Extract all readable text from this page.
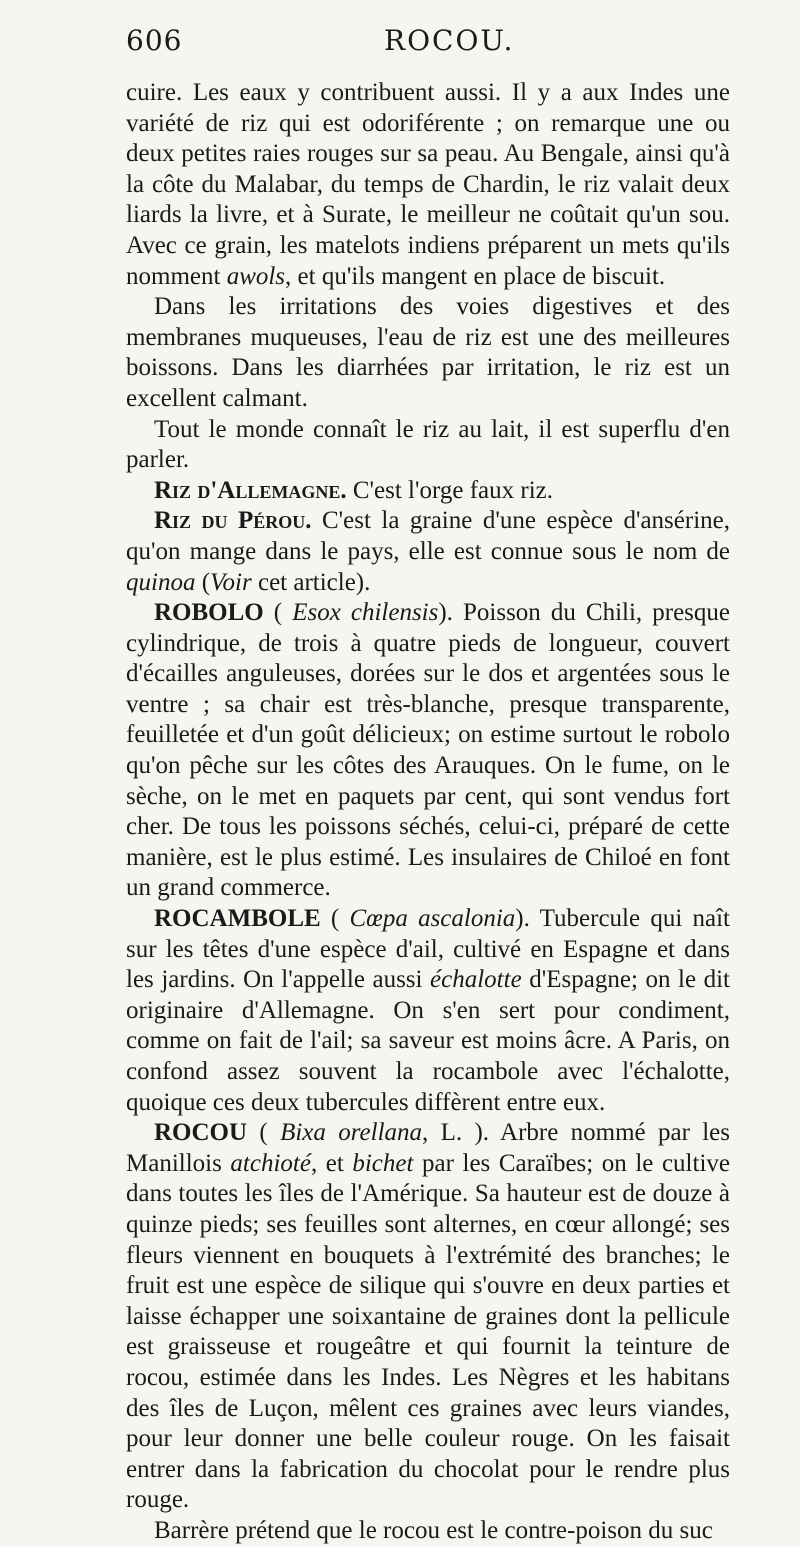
606	ROCOU.

cuire. Les eaux y contribuent aussi. Il y a aux Indes une variété de riz qui est odoriférente ; on remarque une ou deux petites raies rouges sur sa peau. Au Bengale, ainsi qu'à la côte du Malabar, du temps de Chardin, le riz valait deux liards la livre, et à Surate, le meilleur ne coûtait qu'un sou. Avec ce grain, les matelots indiens préparent un mets qu'ils nomment awols, et qu'ils mangent en place de biscuit.

Dans les irritations des voies digestives et des membranes muqueuses, l'eau de riz est une des meilleures boissons. Dans les diarrhées par irritation, le riz est un excellent calmant.

Tout le monde connaît le riz au lait, il est superflu d'en parler.

Riz d'Allemagne. C'est l'orge faux riz.

Riz du Pérou. C'est la graine d'une espèce d'ansérine, qu'on mange dans le pays, elle est connue sous le nom de quinoa (Voir cet article).

ROBOLO ( Esox chilensis). Poisson du Chili, presque cylindrique, de trois à quatre pieds de longueur, couvert d'écailles anguleuses, dorées sur le dos et argentées sous le ventre ; sa chair est très-blanche, presque transparente, feuilletée et d'un goût délicieux; on estime surtout le robolo qu'on pêche sur les côtes des Arauques. On le fume, on le sèche, on le met en paquets par cent, qui sont vendus fort cher. De tous les poissons séchés, celui-ci, préparé de cette manière, est le plus estimé. Les insulaires de Chiloé en font un grand commerce.

ROCAMBOLE ( Cœpa ascalonia). Tubercule qui naît sur les têtes d'une espèce d'ail, cultivé en Espagne et dans les jardins. On l'appelle aussi échalotte d'Espagne; on le dit originaire d'Allemagne. On s'en sert pour condiment, comme on fait de l'ail; sa saveur est moins âcre. A Paris, on confond assez souvent la rocambole avec l'échalotte, quoique ces deux tubercules diffèrent entre eux.

ROCOU ( Bixa orellana, L. ). Arbre nommé par les Manillois atchioté, et bichet par les Caraïbes; on le cultive dans toutes les îles de l'Amérique. Sa hauteur est de douze à quinze pieds; ses feuilles sont alternes, en cœur allongé; ses fleurs viennent en bouquets à l'extrémité des branches; le fruit est une espèce de silique qui s'ouvre en deux parties et laisse échapper une soixantaine de graines dont la pellicule est graisseuse et rougeâtre et qui fournit la teinture de rocou, estimée dans les Indes. Les Nègres et les habitans des îles de Luçon, mêlent ces graines avec leurs viandes, pour leur donner une belle couleur rouge. On les faisait entrer dans la fabrication du chocolat pour le rendre plus rouge.

Barrère prétend que le rocou est le contre-poison du suc
